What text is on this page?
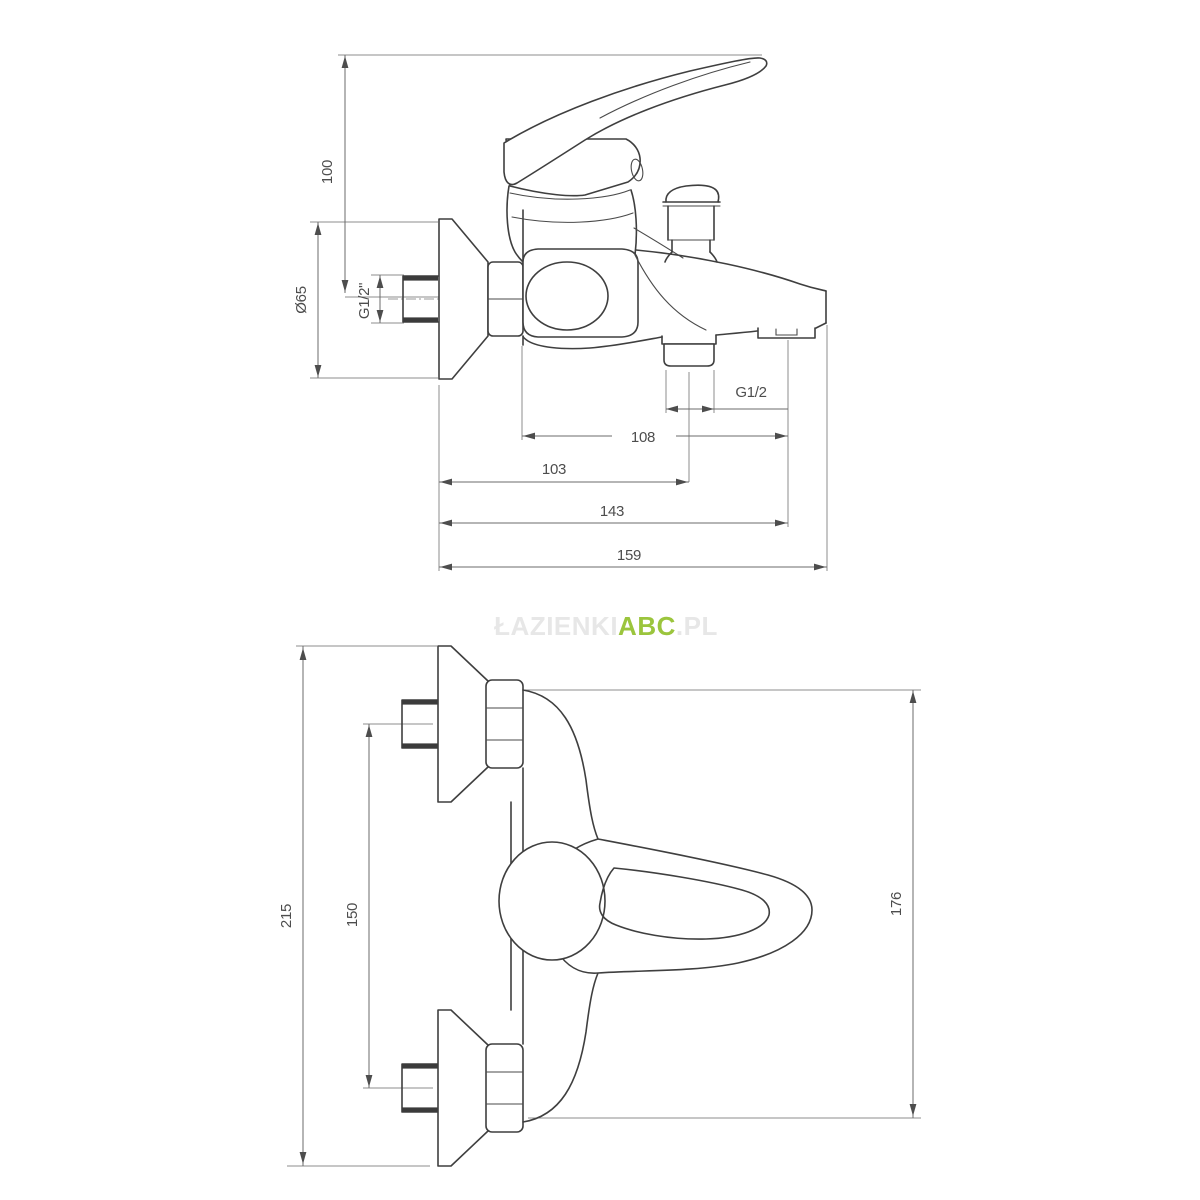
100
Ø65	G1/2"
G1/2
108
103
143
159
ŁAZIENKIABC.PL
215	150	176
